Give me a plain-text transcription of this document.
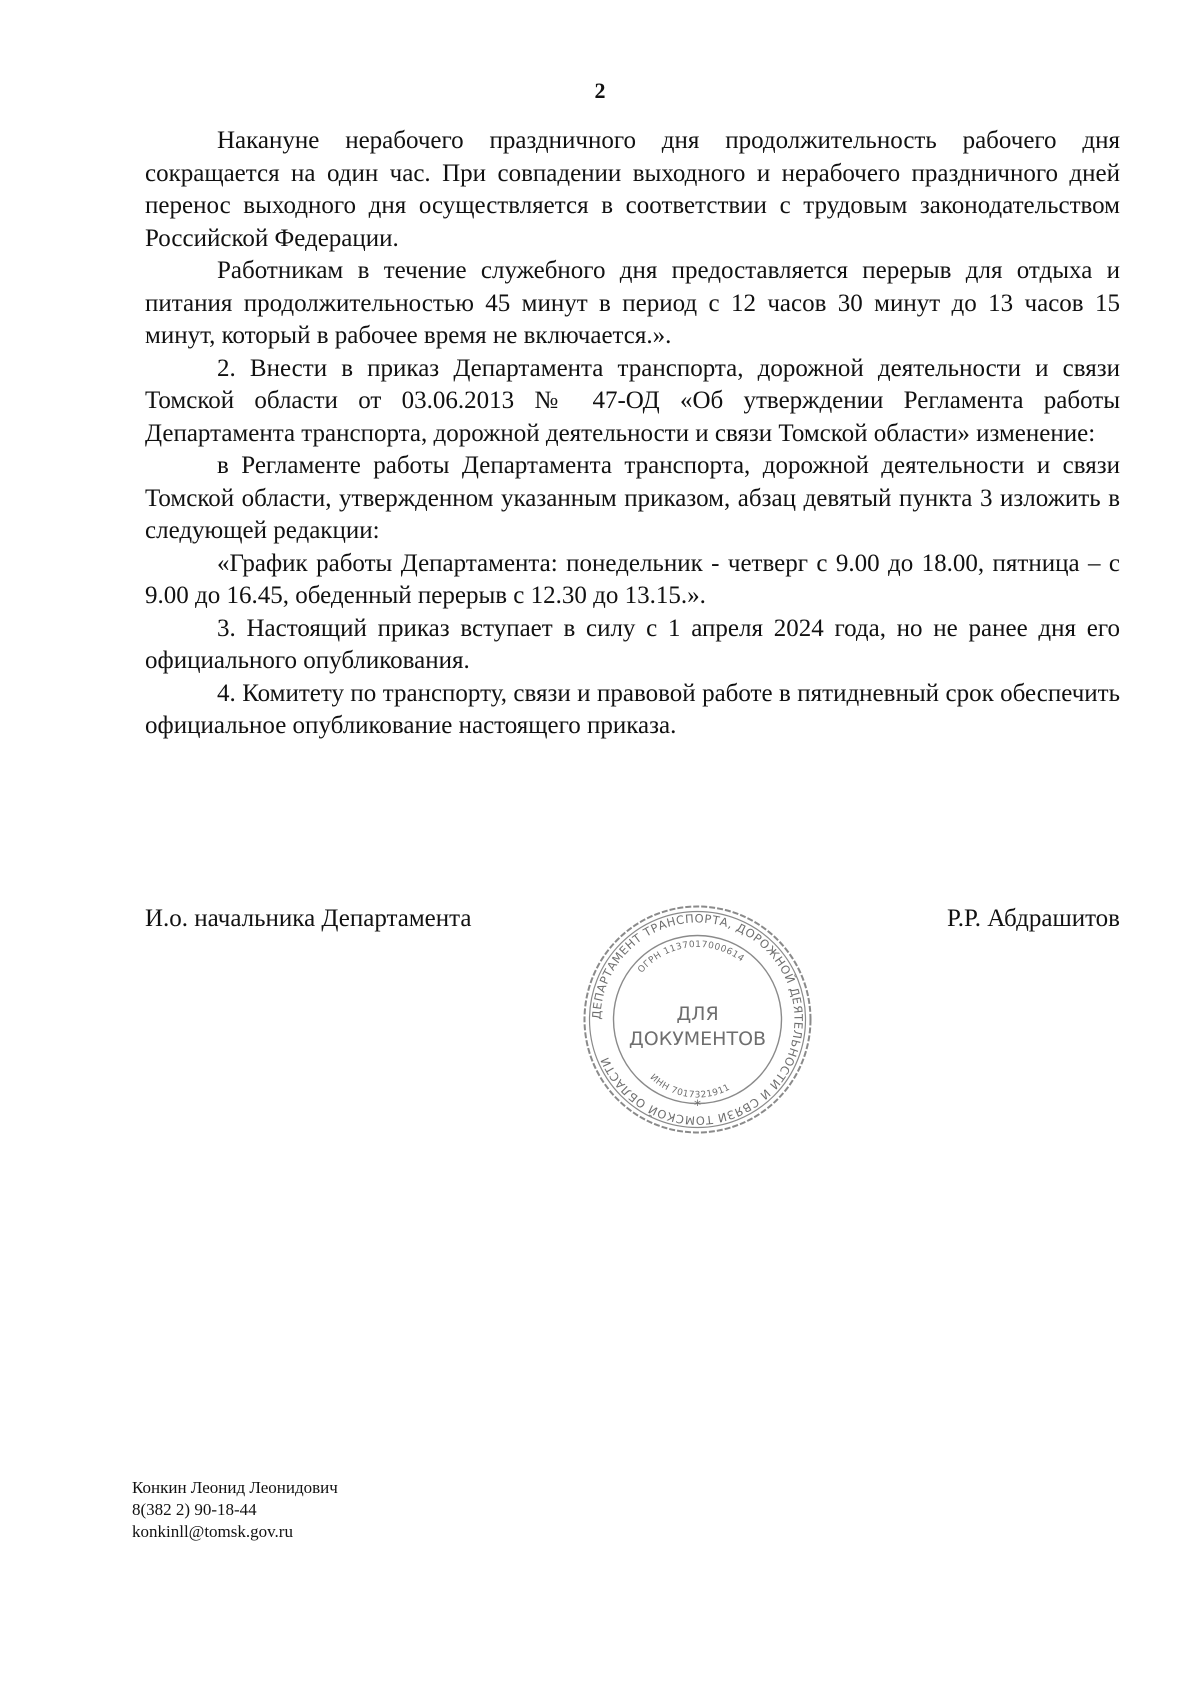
2

Накануне нерабочего праздничного дня продолжительность рабочего дня сокращается на один час. При совпадении выходного и нерабочего праздничного дней перенос выходного дня осуществляется в соответствии с трудовым законодательством Российской Федерации.

Работникам в течение служебного дня предоставляется перерыв для отдыха и питания продолжительностью 45 минут в период с 12 часов 30 минут до 13 часов 15 минут, который в рабочее время не включается.».

2. Внести в приказ Департамента транспорта, дорожной деятельности и связи Томской области от 03.06.2013 № 47-ОД «Об утверждении Регламента работы Департамента транспорта, дорожной деятельности и связи Томской области» изменение:

в Регламенте работы Департамента транспорта, дорожной деятельности и связи Томской области, утвержденном указанным приказом, абзац девятый пункта 3 изложить в следующей редакции:

«График работы Департамента: понедельник - четверг с 9.00 до 18.00, пятница – с 9.00 до 16.45, обеденный перерыв с 12.30 до 13.15.».

3. Настоящий приказ вступает в силу с 1 апреля 2024 года, но не ранее дня его официального опубликования.

4. Комитету по транспорту, связи и правовой работе в пятидневный срок обеспечить официальное опубликование настоящего приказа.

И.о. начальника Департамента	Р.Р. Абдрашитов
ДЕПАРТАМЕНТ ТРАНСПОРТА, ДОРОЖНОЙ ДЕЯТЕЛЬНОСТИ И СВЯЗИ ТОМСКОЙ ОБЛАСТИ
ОГРН 1137017000614
ИНН 7017321911
ДЛЯ
ДОКУМЕНТОВ
*
Конкин Леонид Леонидович
8(382 2) 90-18-44
konkinll@tomsk.gov.ru
